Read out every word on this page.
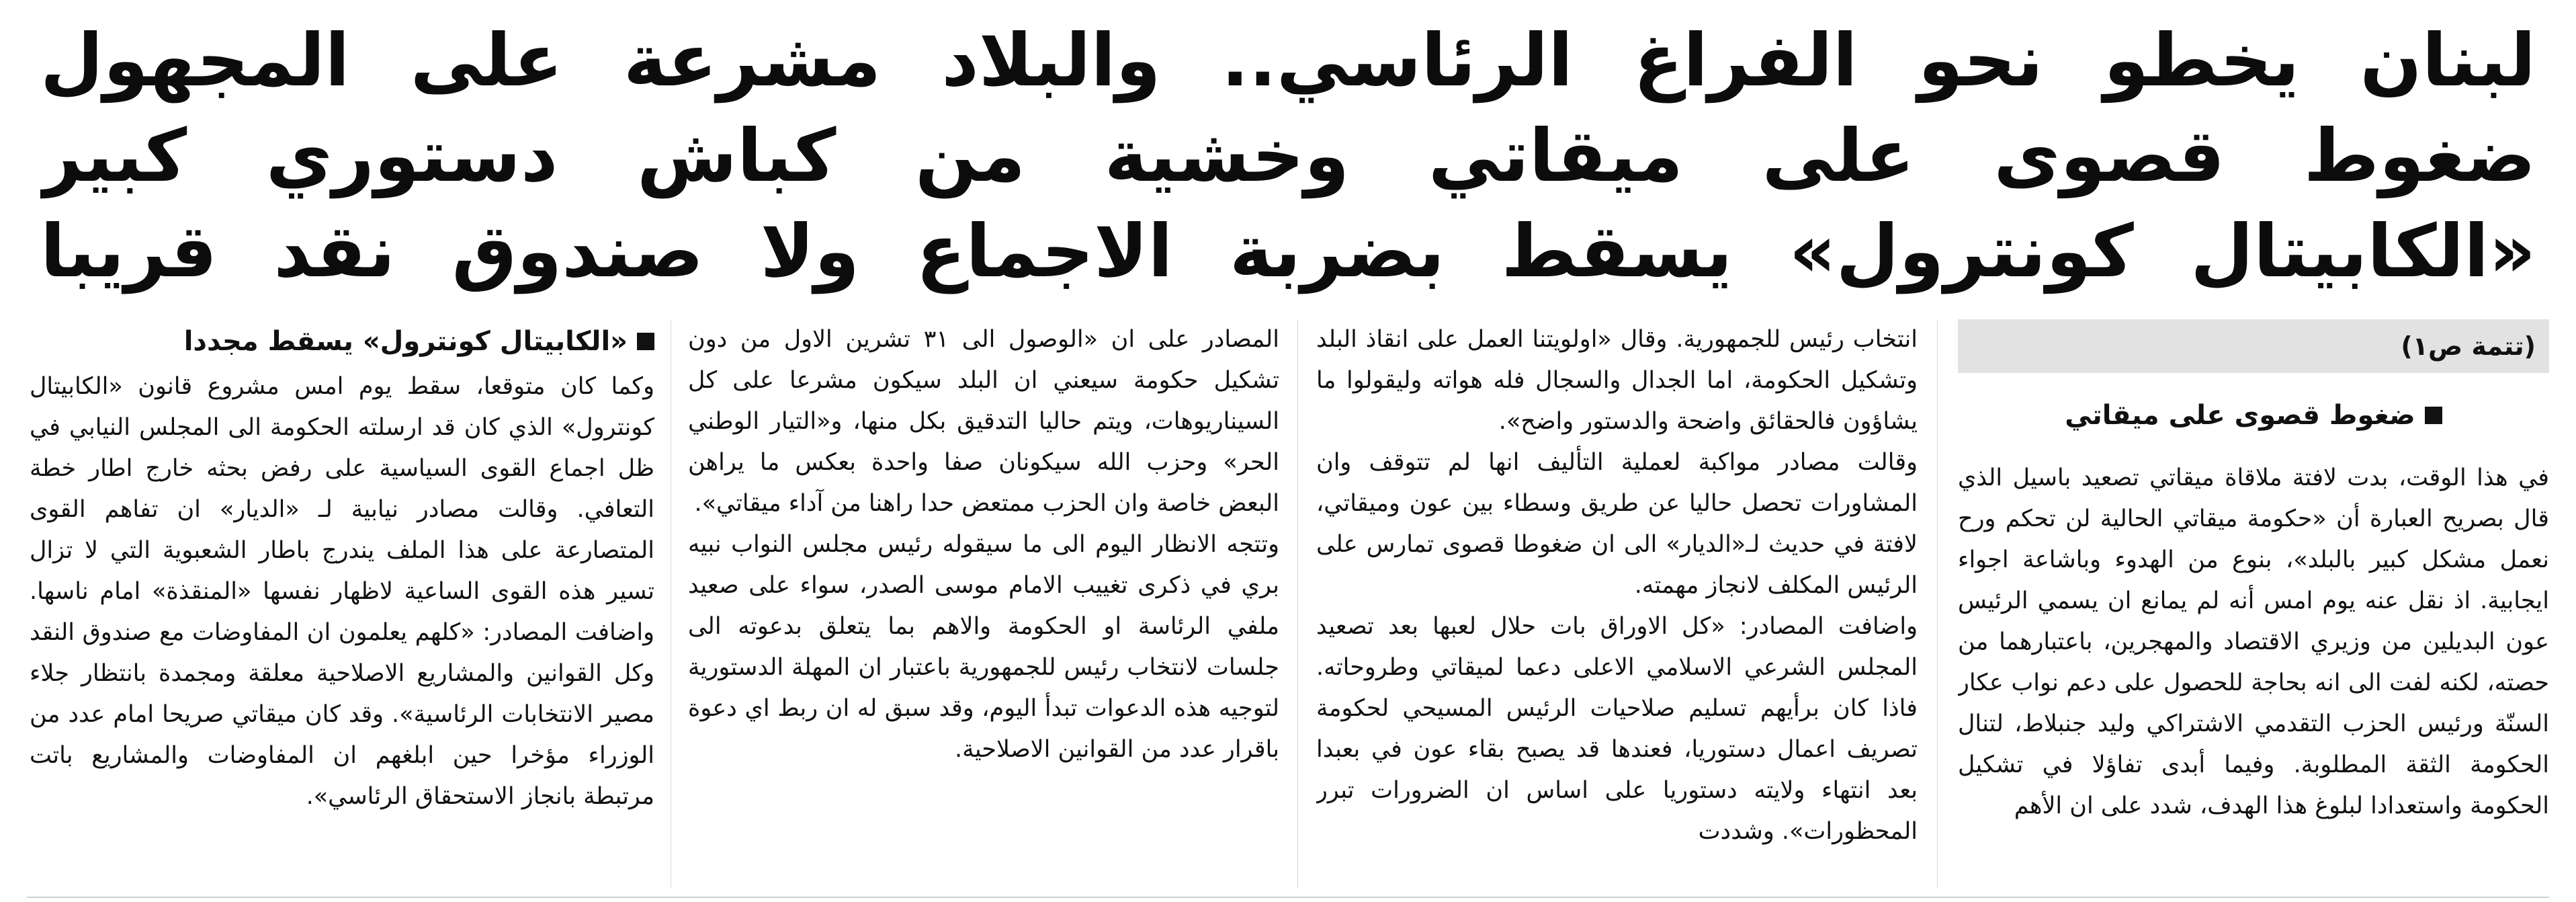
لبنان يخطو نحو الفراغ الرئاسي.. والبلاد مشرعة على المجهول

ضغوط قصوى على ميقاتي وخشية من كباش دستوري كبير

«الكابيتال كونترول» يسقط بضربة الاجماع ولا صندوق نقد قريبا

(تتمة ص١)
ضغوط قصوى على ميقاتي

في هذا الوقت، بدت لافتة ملاقاة ميقاتي تصعيد باسيل الذي قال بصريح العبارة أن «حكومة ميقاتي الحالية لن تحكم ورح نعمل مشكل كبير بالبلد»، بنوع من الهدوء وباشاعة اجواء ايجابية. اذ نقل عنه يوم امس أنه لم يمانع ان يسمي الرئيس عون البديلين من وزيري الاقتصاد والمهجرين، باعتبارهما من حصته، لكنه لفت الى انه بحاجة للحصول على دعم نواب عكار السنّة ورئيس الحزب التقدمي الاشتراكي وليد جنبلاط، لتنال الحكومة الثقة المطلوبة. وفيما أبدى تفاؤلا في تشكيل الحكومة واستعدادا لبلوغ هذا الهدف، شدد على ان الأهم

انتخاب رئيس للجمهورية. وقال «اولويتنا العمل على انقاذ البلد وتشكيل الحكومة، اما الجدال والسجال فله هواته وليقولوا ما يشاؤون فالحقائق واضحة والدستور واضح».

وقالت مصادر مواكبة لعملية التأليف انها لم تتوقف وان المشاورات تحصل حاليا عن طريق وسطاء بين عون وميقاتي، لافتة في حديث لـ«الديار» الى ان ضغوطا قصوى تمارس على الرئيس المكلف لانجاز مهمته.

واضافت المصادر: «كل الاوراق بات حلال لعبها بعد تصعيد المجلس الشرعي الاسلامي الاعلى دعما لميقاتي وطروحاته. فاذا كان برأيهم تسليم صلاحيات الرئيس المسيحي لحكومة تصريف اعمال دستوريا، فعندها قد يصبح بقاء عون في بعبدا بعد انتهاء ولايته دستوريا على اساس ان الضرورات تبرر المحظورات». وشددت

المصادر على ان «الوصول الى ٣١ تشرين الاول من دون تشكيل حكومة سيعني ان البلد سيكون مشرعا على كل السيناريوهات، ويتم حاليا التدقيق بكل منها، و«التيار الوطني الحر» وحزب الله سيكونان صفا واحدة بعكس ما يراهن البعض خاصة وان الحزب ممتعض حدا راهنا من آداء ميقاتي».

وتتجه الانظار اليوم الى ما سيقوله رئيس مجلس النواب نبيه بري في ذكرى تغييب الامام موسى الصدر، سواء على صعيد ملفي الرئاسة او الحكومة والاهم بما يتعلق بدعوته الى جلسات لانتخاب رئيس للجمهورية باعتبار ان المهلة الدستورية لتوجيه هذه الدعوات تبدأ اليوم، وقد سبق له ان ربط اي دعوة باقرار عدد من القوانين الاصلاحية.

«الكابيتال كونترول» يسقط مجددا

وكما كان متوقعا، سقط يوم امس مشروع قانون «الكابيتال كونترول» الذي كان قد ارسلته الحكومة الى المجلس النيابي في ظل اجماع القوى السياسية على رفض بحثه خارج اطار خطة التعافي. وقالت مصادر نيابية لـ «الديار» ان تفاهم القوى المتصارعة على هذا الملف يندرج باطار الشعبوية التي لا تزال تسير هذه القوى الساعية لاظهار نفسها «المنقذة» امام ناسها. واضافت المصادر: «كلهم يعلمون ان المفاوضات مع صندوق النقد وكل القوانين والمشاريع الاصلاحية معلقة ومجمدة بانتظار جلاء مصير الانتخابات الرئاسية». وقد كان ميقاتي صريحا امام عدد من الوزراء مؤخرا حين ابلغهم ان المفاوضات والمشاريع باتت مرتبطة بانجاز الاستحقاق الرئاسي».
